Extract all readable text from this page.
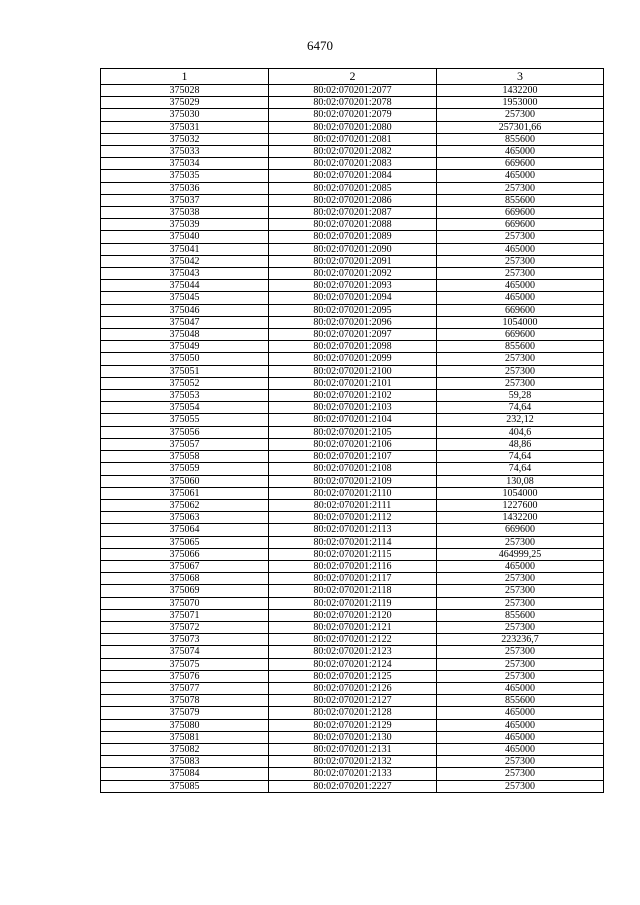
6470
1	2	3
375028	80:02:070201:2077	1432200
375029	80:02:070201:2078	1953000
375030	80:02:070201:2079	257300
375031	80:02:070201:2080	257301,66
375032	80:02:070201:2081	855600
375033	80:02:070201:2082	465000
375034	80:02:070201:2083	669600
375035	80:02:070201:2084	465000
375036	80:02:070201:2085	257300
375037	80:02:070201:2086	855600
375038	80:02:070201:2087	669600
375039	80:02:070201:2088	669600
375040	80:02:070201:2089	257300
375041	80:02:070201:2090	465000
375042	80:02:070201:2091	257300
375043	80:02:070201:2092	257300
375044	80:02:070201:2093	465000
375045	80:02:070201:2094	465000
375046	80:02:070201:2095	669600
375047	80:02:070201:2096	1054000
375048	80:02:070201:2097	669600
375049	80:02:070201:2098	855600
375050	80:02:070201:2099	257300
375051	80:02:070201:2100	257300
375052	80:02:070201:2101	257300
375053	80:02:070201:2102	59,28
375054	80:02:070201:2103	74,64
375055	80:02:070201:2104	232,12
375056	80:02:070201:2105	404,6
375057	80:02:070201:2106	48,86
375058	80:02:070201:2107	74,64
375059	80:02:070201:2108	74,64
375060	80:02:070201:2109	130,08
375061	80:02:070201:2110	1054000
375062	80:02:070201:2111	1227600
375063	80:02:070201:2112	1432200
375064	80:02:070201:2113	669600
375065	80:02:070201:2114	257300
375066	80:02:070201:2115	464999,25
375067	80:02:070201:2116	465000
375068	80:02:070201:2117	257300
375069	80:02:070201:2118	257300
375070	80:02:070201:2119	257300
375071	80:02:070201:2120	855600
375072	80:02:070201:2121	257300
375073	80:02:070201:2122	223236,7
375074	80:02:070201:2123	257300
375075	80:02:070201:2124	257300
375076	80:02:070201:2125	257300
375077	80:02:070201:2126	465000
375078	80:02:070201:2127	855600
375079	80:02:070201:2128	465000
375080	80:02:070201:2129	465000
375081	80:02:070201:2130	465000
375082	80:02:070201:2131	465000
375083	80:02:070201:2132	257300
375084	80:02:070201:2133	257300
375085	80:02:070201:2227	257300
